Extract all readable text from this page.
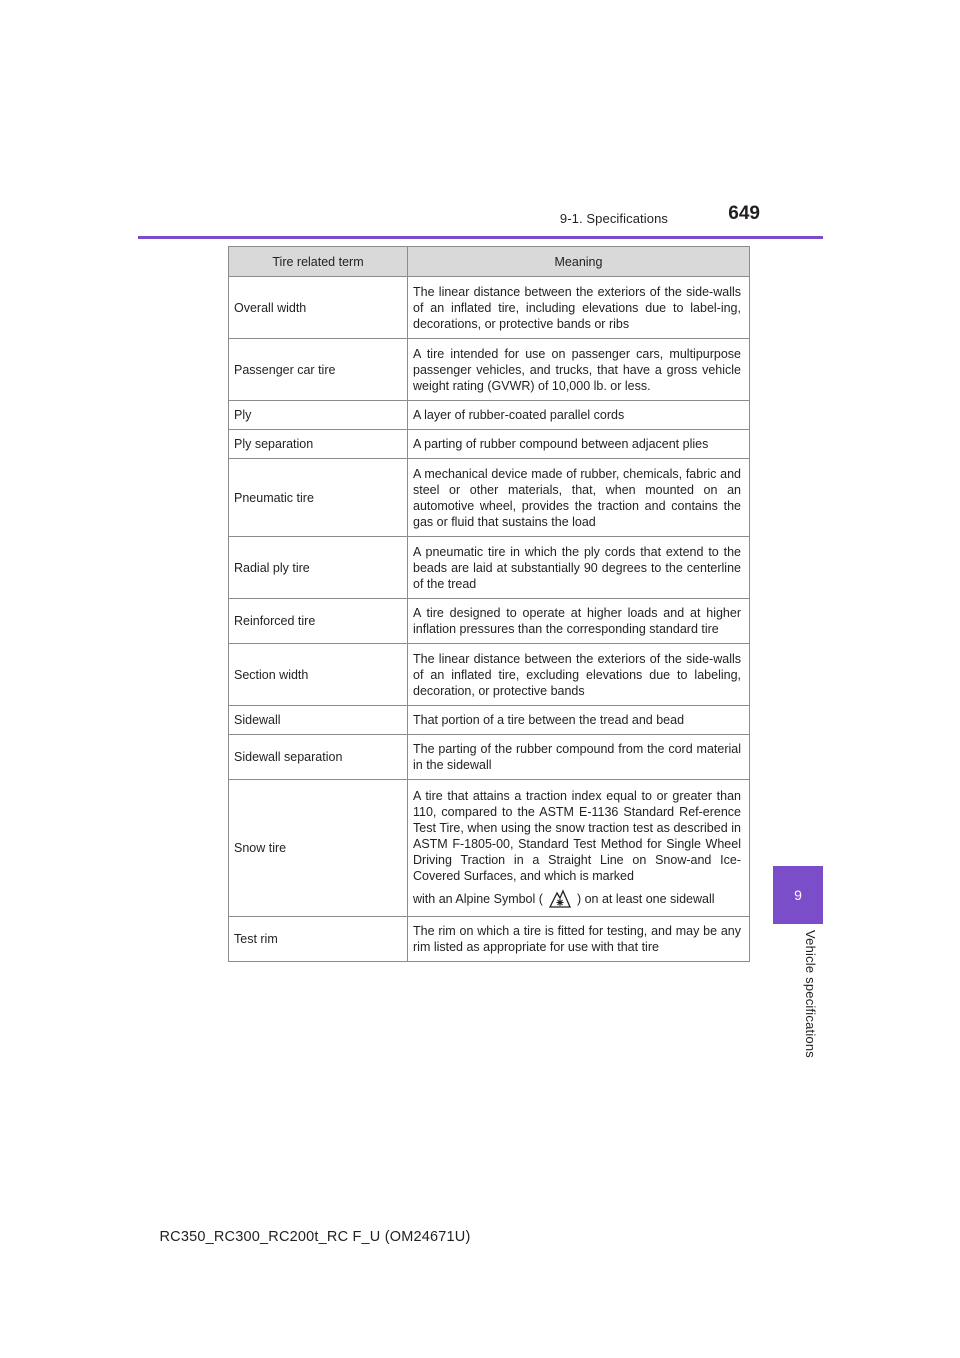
9-1. Specifications	649
9
Vehicle specifications
Tire related term	Meaning
Overall width	The linear distance between the exteriors of the side-walls of an inflated tire, including elevations due to label-ing, decorations, or protective bands or ribs
Passenger car tire	A tire intended for use on passenger cars, multipurpose passenger vehicles, and trucks, that have a gross vehicle weight rating (GVWR) of 10,000 lb. or less.
Ply	A layer of rubber-coated parallel cords
Ply separation	A parting of rubber compound between adjacent plies
Pneumatic tire	A mechanical device made of rubber, chemicals, fabric and steel or other materials, that, when mounted on an automotive wheel, provides the traction and contains the gas or fluid that sustains the load
Radial ply tire	A pneumatic tire in which the ply cords that extend to the beads are laid at substantially 90 degrees to the centerline of the tread
Reinforced tire	A tire designed to operate at higher loads and at higher inflation pressures than the corresponding standard tire
Section width	The linear distance between the exteriors of the side-walls of an inflated tire, excluding elevations due to labeling, decoration, or protective bands
Sidewall	That portion of a tire between the tread and bead
Sidewall separation	The parting of the rubber compound from the cord material in the sidewall
Snow tire	A tire that attains a traction index equal to or greater than 110, compared to the ASTM E-1136 Standard Ref-erence Test Tire, when using the snow traction test as described in ASTM F-1805-00, Standard Test Method for Single Wheel Driving Traction in a Straight Line on Snow-and Ice-Covered Surfaces, and which is marked
with an Alpine Symbol ( ) on at least one sidewall

Test rim	The rim on which a tire is fitted for testing, and may be any rim listed as appropriate for use with that tire
RC350_RC300_RC200t_RC F_U (OM24671U)
